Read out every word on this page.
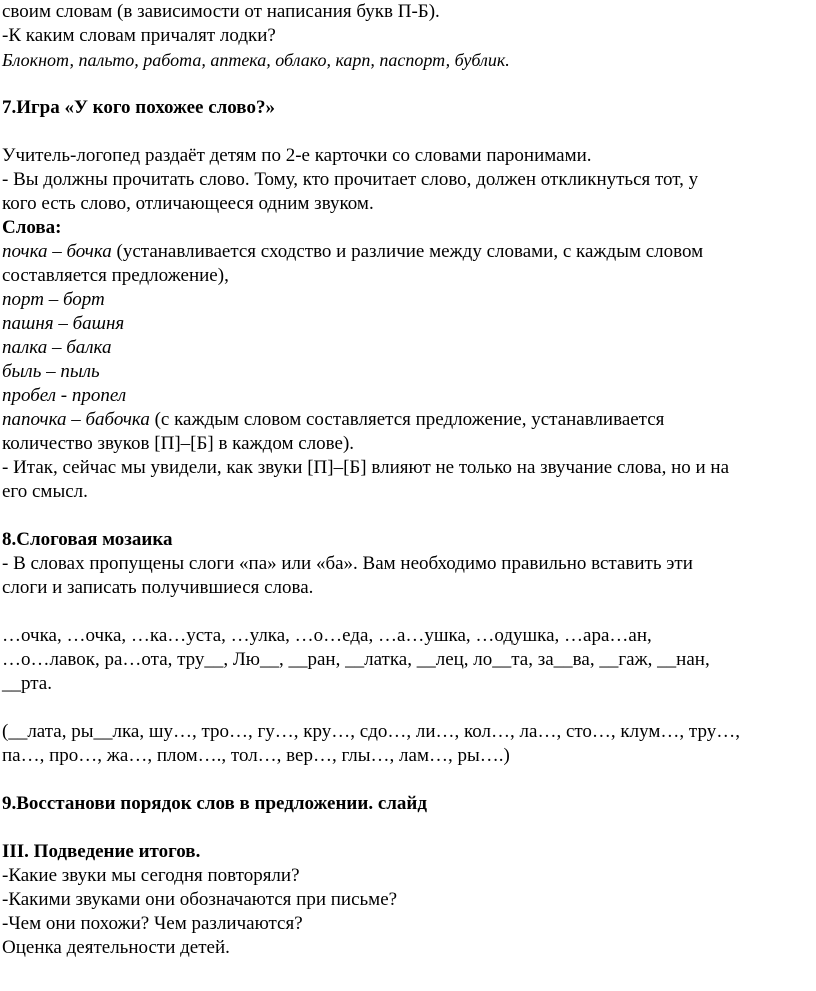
своим словам (в зависимости от написания букв П-Б).

-К каким словам причалят лодки?

Блокнот, пальто, работа, аптека, облако, карп, паспорт, бублик.

7.Игра «У кого похожее слово?»

Учитель-логопед раздаёт детям по 2-е карточки со словами паронимами.

- Вы должны прочитать слово. Тому, кто прочитает слово, должен откликнуться тот, у

кого есть слово, отличающееся одним звуком.

Слова:

почка – бочка (устанавливается сходство и различие между словами, с каждым словом

составляется предложение),

порт – борт

пашня – башня

палка – балка

быль – пыль

пробел - пропел

папочка – бабочка (с каждым словом составляется предложение, устанавливается

количество звуков [П]–[Б] в каждом слове).

- Итак, сейчас мы увидели, как звуки [П]–[Б] влияют не только на звучание слова, но и на

его смысл.

8.Слоговая мозаика

- В словах пропущены слоги «па» или «ба». Вам необходимо правильно вставить эти

слоги и записать получившиеся слова.

…очка, …очка, …ка…уста, …улка, …о…еда, …а…ушка, …одушка, …ара…ан,

…о…лавок, ра…ота, тру__, Лю__, __ран, __латка, __лец, ло__та, за__ва, __гаж, __нан,

__рта.

(__лата, ры__лка, шу…, тро…, гу…, кру…, сдо…, ли…, кол…, ла…, сто…, клум…, тру…,

па…, про…, жа…, плом…., тол…, вер…, глы…, лам…, ры….)

9.Восстанови порядок слов в предложении. слайд

III. Подведение итогов.

-Какие звуки мы сегодня повторяли?

-Какими звуками они обозначаются при письме?

-Чем они похожи? Чем различаются?

Оценка деятельности детей.
